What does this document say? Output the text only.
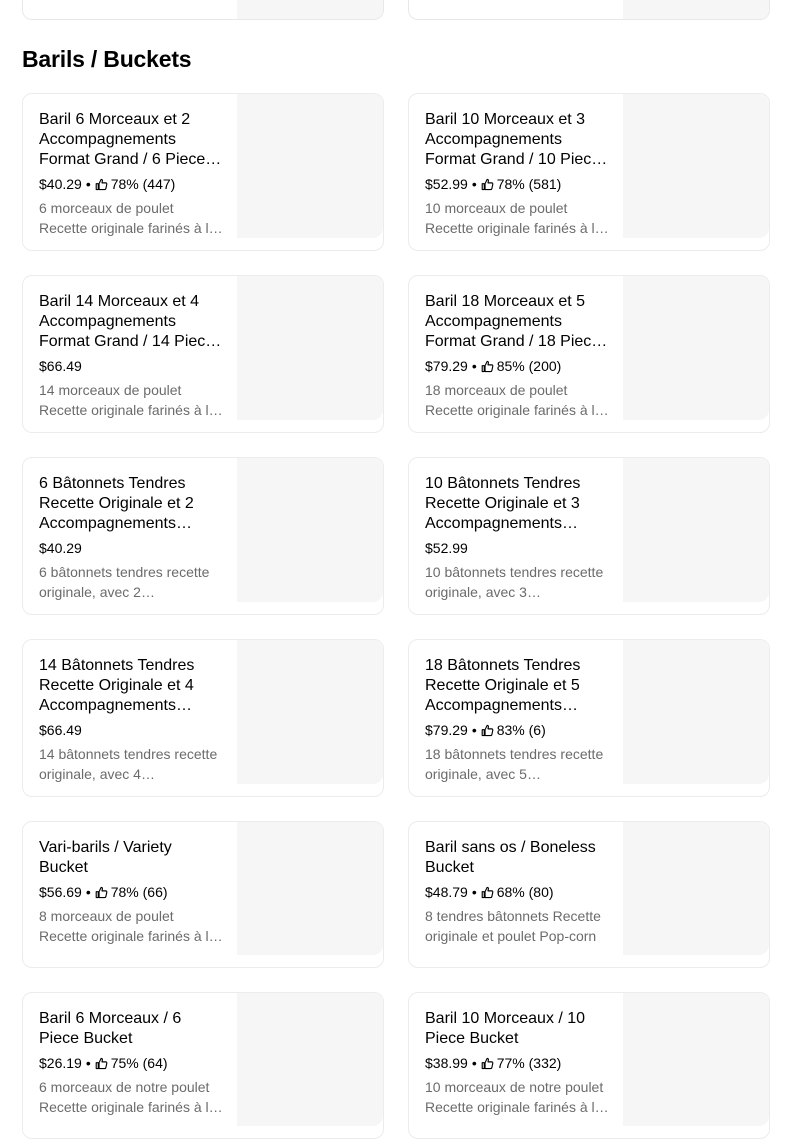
Barils / Buckets
Baril 6 Morceaux et 2 Accompagnements Format Grand / 6 Piece
$40.29 • 78% (447)
6 morceaux de poulet Recette originale farinés à la
Baril 10 Morceaux et 3 Accompagnements Format Grand / 10 Piece
$52.99 • 78% (581)
10 morceaux de poulet Recette originale farinés à la
Baril 14 Morceaux et 4 Accompagnements Format Grand / 14 Piece
$66.49
14 morceaux de poulet Recette originale farinés à la
Baril 18 Morceaux et 5 Accompagnements Format Grand / 18 Piece
$79.29 • 85% (200)
18 morceaux de poulet Recette originale farinés à la
6 Bâtonnets Tendres Recette Originale et 2 Accompagnements
$40.29
6 bâtonnets tendres recette originale, avec 2
10 Bâtonnets Tendres Recette Originale et 3 Accompagnements
$52.99
10 bâtonnets tendres recette originale, avec 3
14 Bâtonnets Tendres Recette Originale et 4 Accompagnements
$66.49
14 bâtonnets tendres recette originale, avec 4
18 Bâtonnets Tendres Recette Originale et 5 Accompagnements
$79.29 • 83% (6)
18 bâtonnets tendres recette originale, avec 5
Vari-barils / Variety Bucket
$56.69 • 78% (66)
8 morceaux de poulet Recette originale farinés à la
Baril sans os / Boneless Bucket
$48.79 • 68% (80)
8 tendres bâtonnets Recette originale et poulet Pop-corn
Baril 6 Morceaux / 6 Piece Bucket
$26.19 • 75% (64)
6 morceaux de notre poulet Recette originale farinés à la
Baril 10 Morceaux / 10 Piece Bucket
$38.99 • 77% (332)
10 morceaux de notre poulet Recette originale farinés à la
